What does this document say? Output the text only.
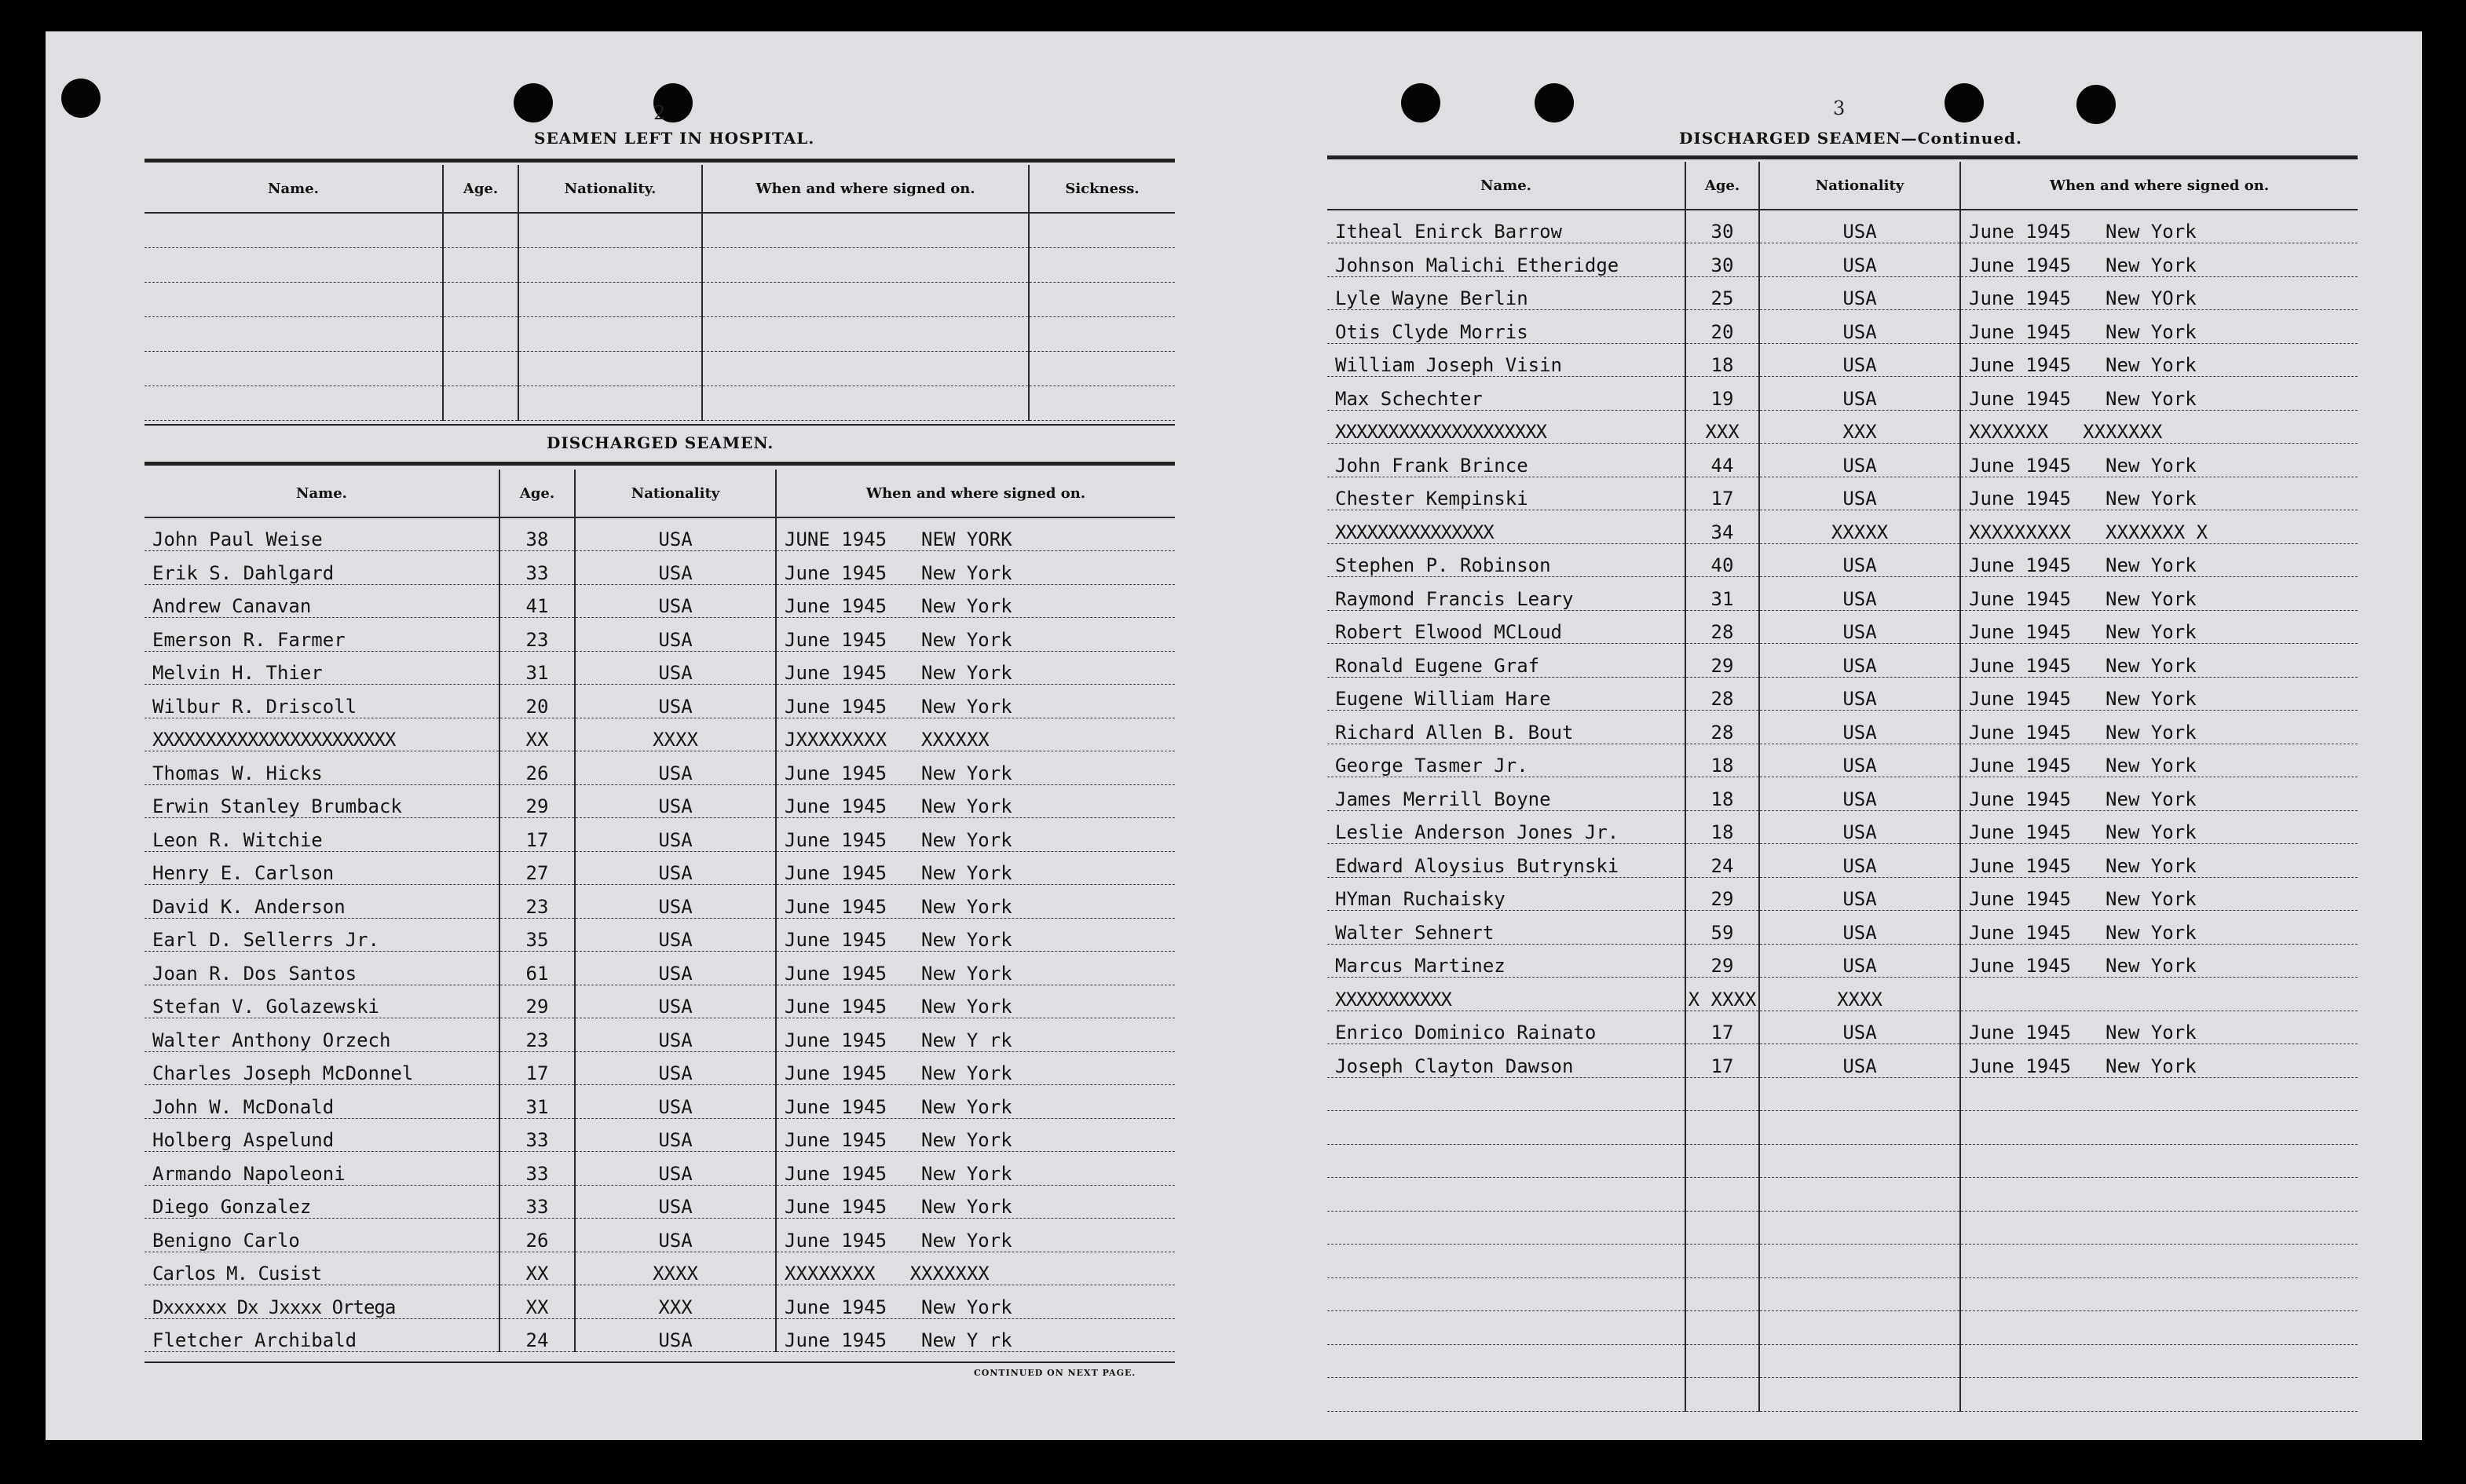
2
SEAMEN LEFT IN HOSPITAL.
Name.	Age.	Nationality.	When and where signed on.	Sickness.

DISCHARGED SEAMEN.
Name.	Age.	Nationality	When and where signed on.
John Paul Weise	38	USA	JUNE 1945 NEW YORK
Erik S. Dahlgard	33	USA	June 1945 New York
Andrew Canavan	41	USA	June 1945 New York
Emerson R. Farmer	23	USA	June 1945 New York
Melvin H. Thier	31	USA	June 1945 New York
Wilbur R. Driscoll	20	USA	June 1945 New York
XXXXXXXXXXXXXXXXXXXXXXX	XX	XXXX	JXXXXXXXX XXXXXX
Thomas W. Hicks	26	USA	June 1945 New York
Erwin Stanley Brumback	29	USA	June 1945 New York
Leon R. Witchie	17	USA	June 1945 New York
Henry E. Carlson	27	USA	June 1945 New York
David K. Anderson	23	USA	June 1945 New York
Earl D. Sellerrs Jr.	35	USA	June 1945 New York
Joan R. Dos Santos	61	USA	June 1945 New York
Stefan V. Golazewski	29	USA	June 1945 New York
Walter Anthony Orzech	23	USA	June 1945 New Y rk
Charles Joseph McDonnel	17	USA	June 1945 New York
John W. McDonald	31	USA	June 1945 New York
Holberg Aspelund	33	USA	June 1945 New York
Armando Napoleoni	33	USA	June 1945 New York
Diego Gonzalez	33	USA	June 1945 New York
Benigno Carlo	26	USA	June 1945 New York
Carlos M. Cusist	XX	XXXX	XXXXXXXX XXXXXXX
Dxxxxxx Dx Jxxxx Ortega	XX	XXX	June 1945 New York
Fletcher Archibald	24	USA	June 1945 New Y rk
CONTINUED ON NEXT PAGE.
3
DISCHARGED SEAMEN—Continued.
Name.	Age.	Nationality	When and where signed on.
Itheal Enirck Barrow	30	USA	June 1945 New York
Johnson Malichi Etheridge	30	USA	June 1945 New York
Lyle Wayne Berlin	25	USA	June 1945 New YOrk
Otis Clyde Morris	20	USA	June 1945 New York
William Joseph Visin	18	USA	June 1945 New York
Max Schechter	19	USA	June 1945 New York
XXXXXXXXXXXXXXXXXXXX	XXX	XXX	XXXXXXX XXXXXXX
John Frank Brince	44	USA	June 1945 New York
Chester Kempinski	17	USA	June 1945 New York
XXXXXXXXXXXXXXX	34	XXXXX	XXXXXXXXX XXXXXXX X
Stephen P. Robinson	40	USA	June 1945 New York
Raymond Francis Leary	31	USA	June 1945 New York
Robert Elwood MCLoud	28	USA	June 1945 New York
Ronald Eugene Graf	29	USA	June 1945 New York
Eugene William Hare	28	USA	June 1945 New York
Richard Allen B. Bout	28	USA	June 1945 New York
George Tasmer Jr.	18	USA	June 1945 New York
James Merrill Boyne	18	USA	June 1945 New York
Leslie Anderson Jones Jr.	18	USA	June 1945 New York
Edward Aloysius Butrynski	24	USA	June 1945 New York
HYman Ruchaisky	29	USA	June 1945 New York
Walter Sehnert	59	USA	June 1945 New York
Marcus Martinez	29	USA	June 1945 New York
XXXXXXXXXXX	X XXXX	XXXX	
Enrico Dominico Rainato	17	USA	June 1945 New York
Joseph Clayton Dawson	17	USA	June 1945 New York
